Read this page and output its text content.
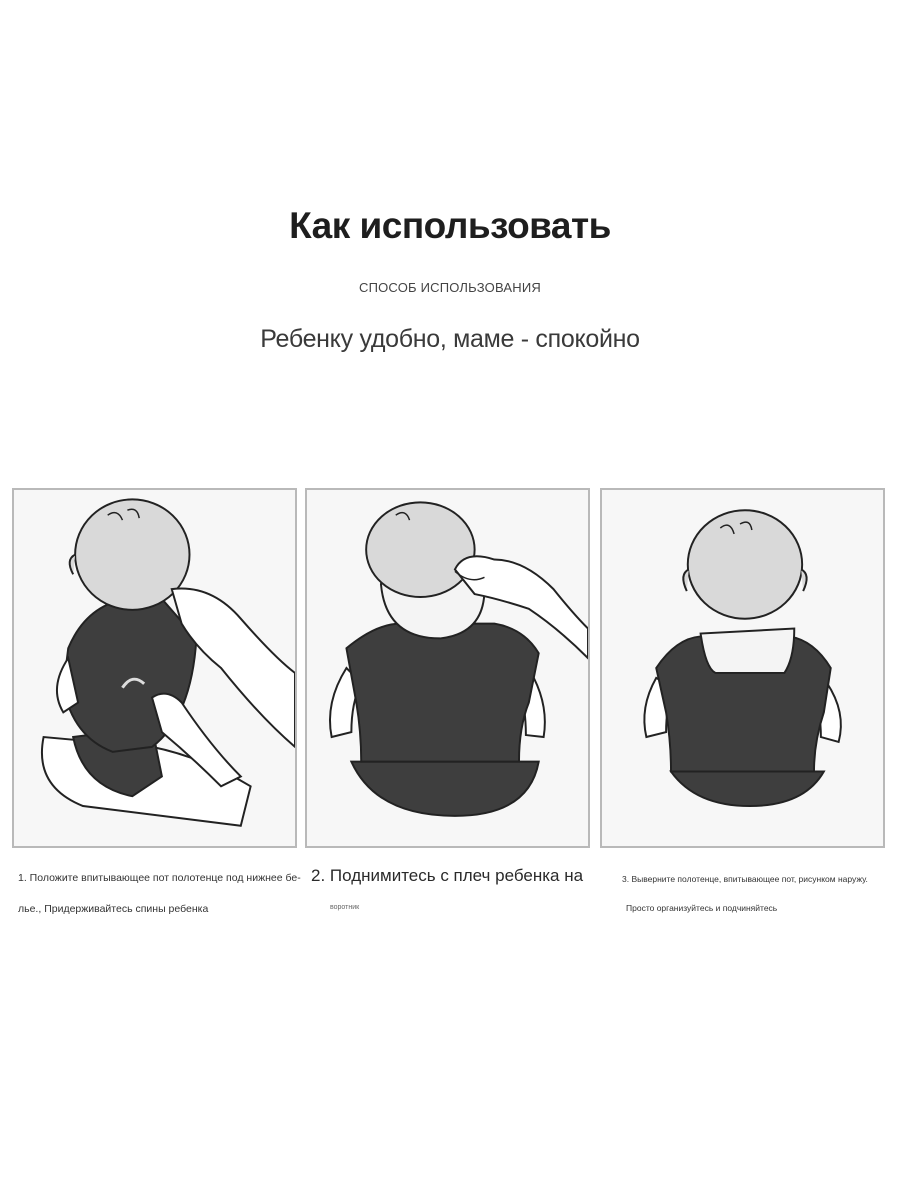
Как использовать
СПОСОБ ИСПОЛЬЗОВАНИЯ
Ребенку удобно, маме - спокойно
1. Положите впитывающее пот полотенце под нижнее бе-
лье., Придерживайтесь спины ребенка
2. Поднимитесь с плеч ребенка на
воротник
3. Выверните полотенце, впитывающее пот, рисунком наружу.
Просто организуйтесь и подчиняйтесь
